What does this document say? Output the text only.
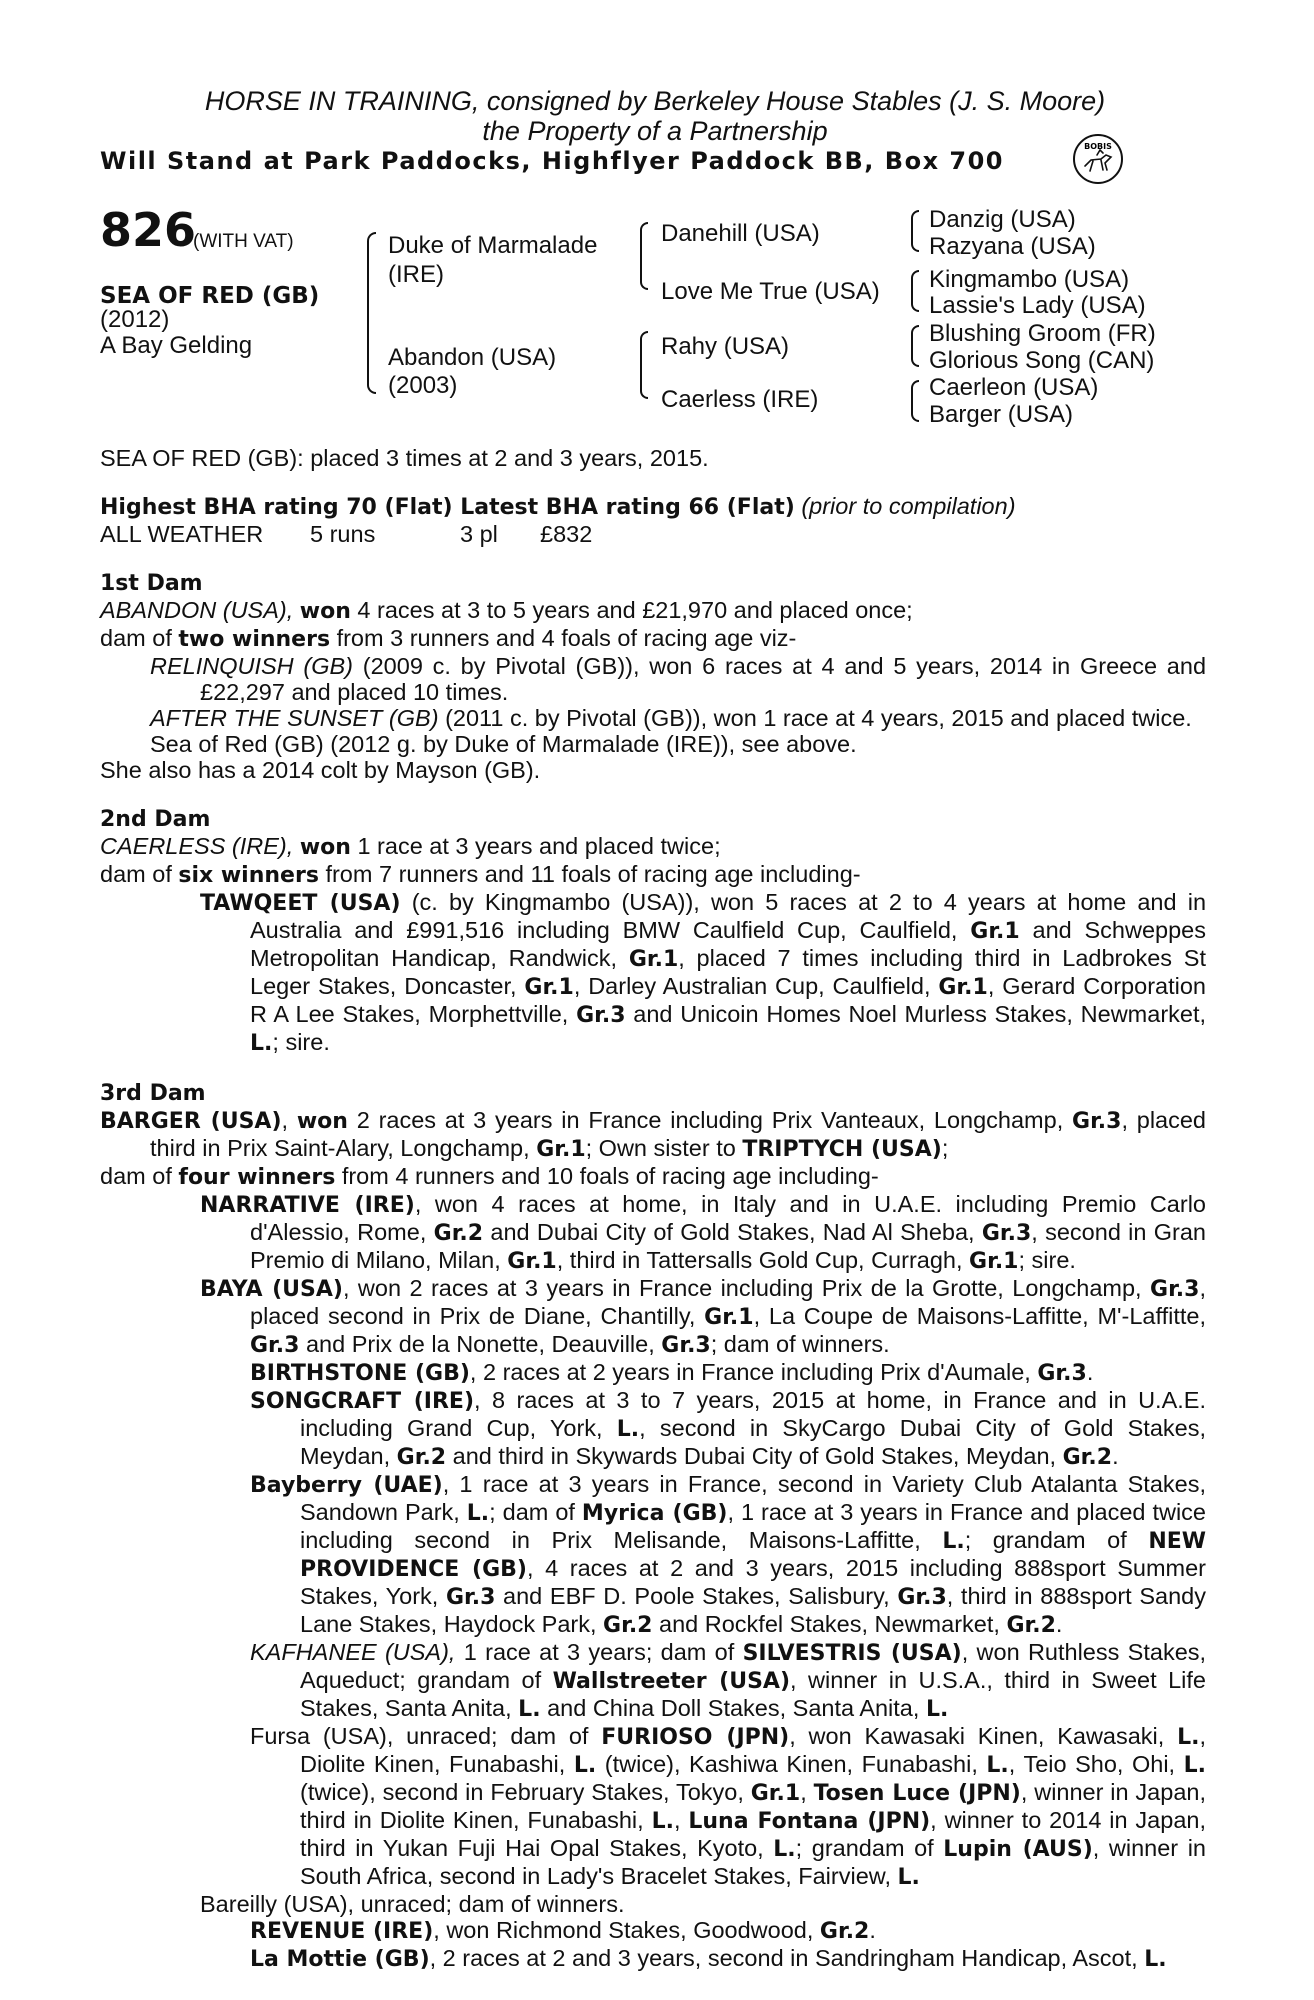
HORSE IN TRAINING, consigned by Berkeley House Stables (J. S. Moore)
the Property of a Partnership
Will Stand at Park Paddocks, Highflyer Paddock BB, Box 700
BOBIS
826
(WITH VAT)
SEA OF RED (GB)
(2012)
A Bay Gelding
Duke of Marmalade
(IRE)
Abandon (USA)
(2003)
Danehill (USA)
Love Me True (USA)
Rahy (USA)
Caerless (IRE)
Danzig (USA)
Razyana (USA)
Kingmambo (USA)
Lassie's Lady (USA)
Blushing Groom (FR)
Glorious Song (CAN)
Caerleon (USA)
Barger (USA)

SEA OF RED (GB): placed 3 times at 2 and 3 years, 2015.

Highest BHA rating 70 (Flat) Latest BHA rating 66 (Flat) (prior to compilation)

ALL WEATHER 5 runs	3 pl £832

1st Dam

ABANDON (USA), won 4 races at 3 to 5 years and £21,970 and placed once;

dam of two winners from 3 runners and 4 foals of racing age viz-

RELINQUISH (GB) (2009 c. by Pivotal (GB)), won 6 races at 4 and 5 years, 2014 in Greece and £22,297 and placed 10 times.

AFTER THE SUNSET (GB) (2011 c. by Pivotal (GB)), won 1 race at 4 years, 2015 and placed twice.

Sea of Red (GB) (2012 g. by Duke of Marmalade (IRE)), see above.

She also has a 2014 colt by Mayson (GB).

2nd Dam

CAERLESS (IRE), won 1 race at 3 years and placed twice;

dam of six winners from 7 runners and 11 foals of racing age including-

TAWQEET (USA) (c. by Kingmambo (USA)), won 5 races at 2 to 4 years at home and in Australia and £991,516 including BMW Caulfield Cup, Caulfield, Gr.1 and Schweppes Metropolitan Handicap, Randwick, Gr.1, placed 7 times including third in Ladbrokes St Leger Stakes, Doncaster, Gr.1, Darley Australian Cup, Caulfield, Gr.1, Gerard Corporation R A Lee Stakes, Morphettville, Gr.3 and Unicoin Homes Noel Murless Stakes, Newmarket, L.; sire.

3rd Dam

BARGER (USA), won 2 races at 3 years in France including Prix Vanteaux, Longchamp, Gr.3, placed third in Prix Saint-Alary, Longchamp, Gr.1; Own sister to TRIPTYCH (USA);

dam of four winners from 4 runners and 10 foals of racing age including-

NARRATIVE (IRE), won 4 races at home, in Italy and in U.A.E. including Premio Carlo d'Alessio, Rome, Gr.2 and Dubai City of Gold Stakes, Nad Al Sheba, Gr.3, second in Gran Premio di Milano, Milan, Gr.1, third in Tattersalls Gold Cup, Curragh, Gr.1; sire.

BAYA (USA), won 2 races at 3 years in France including Prix de la Grotte, Longchamp, Gr.3, placed second in Prix de Diane, Chantilly, Gr.1, La Coupe de Maisons-Laffitte, M'-Laffitte, Gr.3 and Prix de la Nonette, Deauville, Gr.3; dam of winners.

BIRTHSTONE (GB), 2 races at 2 years in France including Prix d'Aumale, Gr.3.

SONGCRAFT (IRE), 8 races at 3 to 7 years, 2015 at home, in France and in U.A.E. including Grand Cup, York, L., second in SkyCargo Dubai City of Gold Stakes, Meydan, Gr.2 and third in Skywards Dubai City of Gold Stakes, Meydan, Gr.2.

Bayberry (UAE), 1 race at 3 years in France, second in Variety Club Atalanta Stakes, Sandown Park, L.; dam of Myrica (GB), 1 race at 3 years in France and placed twice including second in Prix Melisande, Maisons-Laffitte, L.; grandam of NEW PROVIDENCE (GB), 4 races at 2 and 3 years, 2015 including 888sport Summer Stakes, York, Gr.3 and EBF D. Poole Stakes, Salisbury, Gr.3, third in 888sport Sandy Lane Stakes, Haydock Park, Gr.2 and Rockfel Stakes, Newmarket, Gr.2.

KAFHANEE (USA), 1 race at 3 years; dam of SILVESTRIS (USA), won Ruthless Stakes, Aqueduct; grandam of Wallstreeter (USA), winner in U.S.A., third in Sweet Life Stakes, Santa Anita, L. and China Doll Stakes, Santa Anita, L.

Fursa (USA), unraced; dam of FURIOSO (JPN), won Kawasaki Kinen, Kawasaki, L., Diolite Kinen, Funabashi, L. (twice), Kashiwa Kinen, Funabashi, L., Teio Sho, Ohi, L. (twice), second in February Stakes, Tokyo, Gr.1, Tosen Luce (JPN), winner in Japan, third in Diolite Kinen, Funabashi, L., Luna Fontana (JPN), winner to 2014 in Japan, third in Yukan Fuji Hai Opal Stakes, Kyoto, L.; grandam of Lupin (AUS), winner in South Africa, second in Lady's Bracelet Stakes, Fairview, L.

Bareilly (USA), unraced; dam of winners.

REVENUE (IRE), won Richmond Stakes, Goodwood, Gr.2.

La Mottie (GB), 2 races at 2 and 3 years, second in Sandringham Handicap, Ascot, L.
